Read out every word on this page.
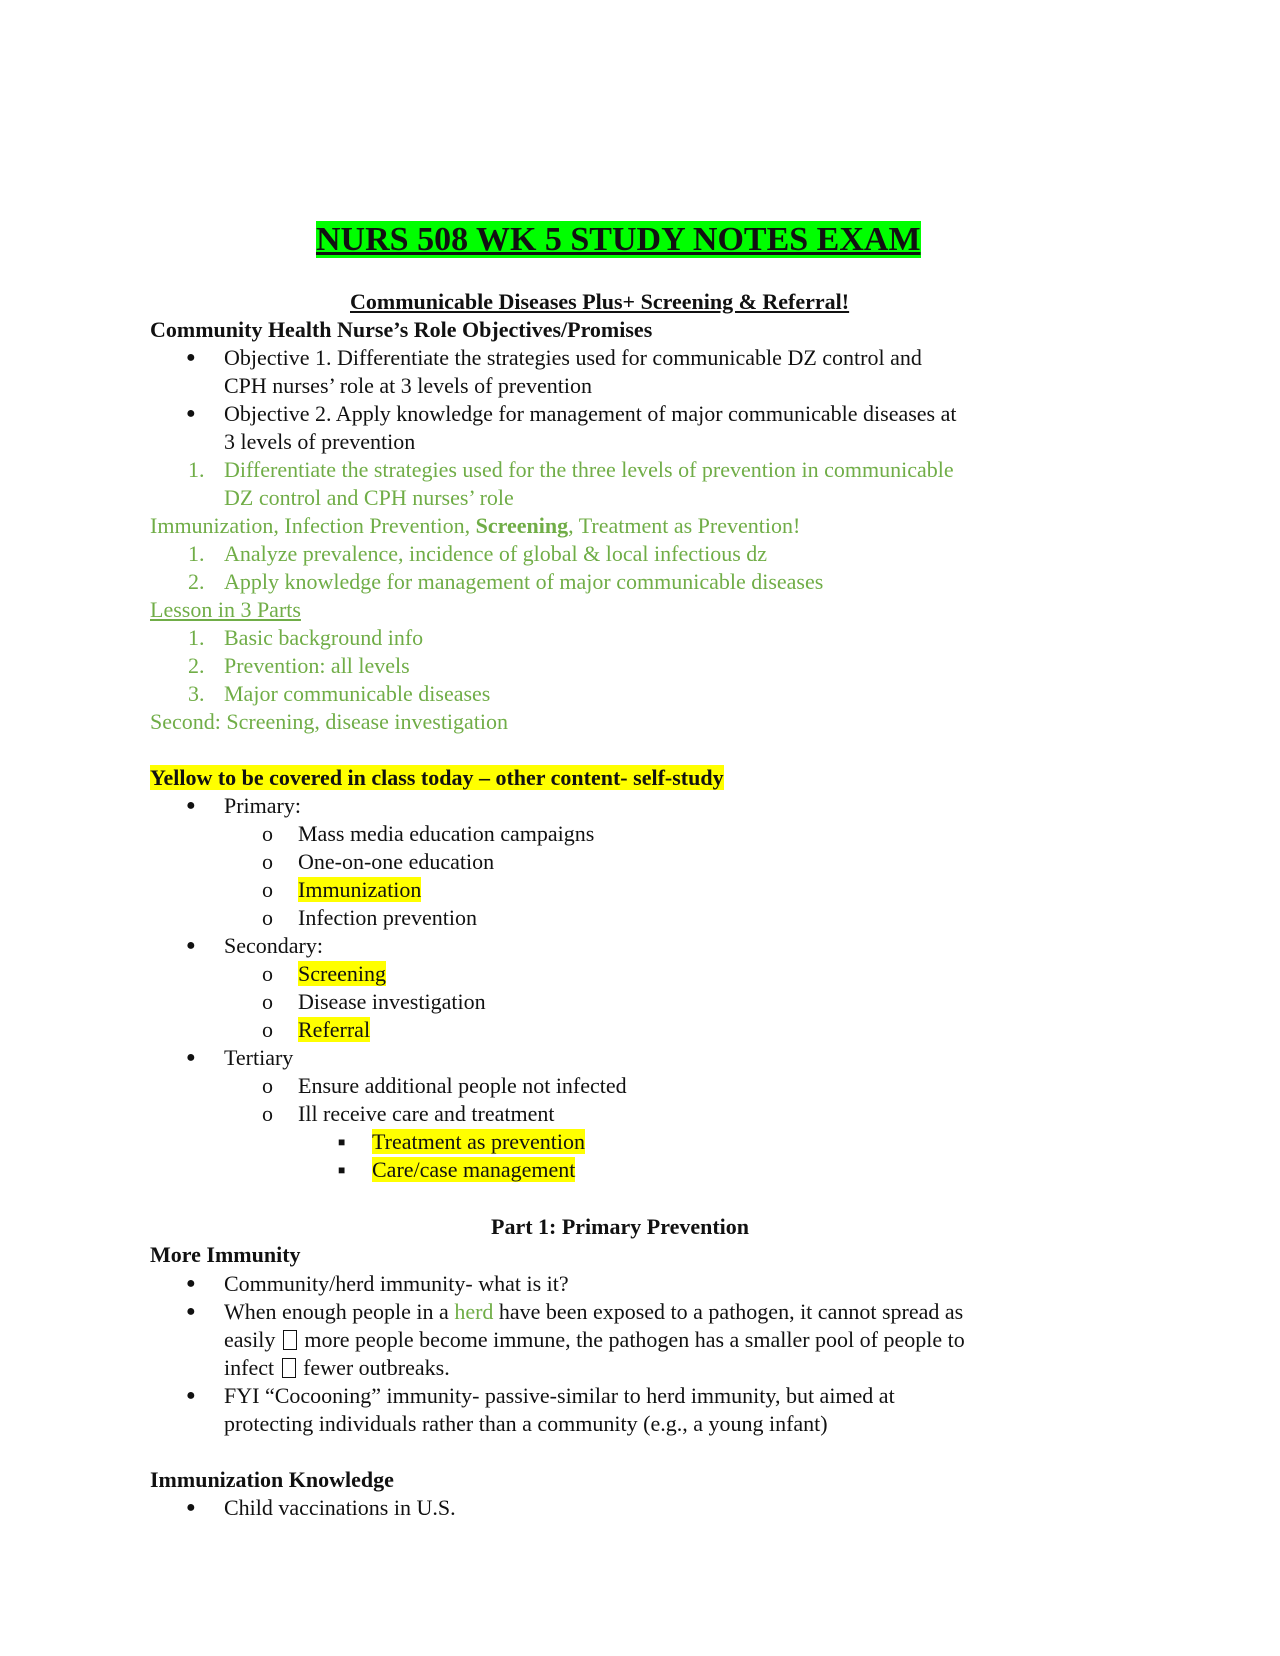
NURS 508 WK 5 STUDY NOTES EXAM
Communicable Diseases Plus+ Screening & Referral!
Community Health Nurse’s Role Objectives/Promises
● Objective 1. Differentiate the strategies used for communicable DZ control and
CPH nurses’ role at 3 levels of prevention
● Objective 2. Apply knowledge for management of major communicable diseases at
3 levels of prevention
1. Differentiate the strategies used for the three levels of prevention in communicable
DZ control and CPH nurses’ role
Immunization, Infection Prevention, Screening, Treatment as Prevention!
1. Analyze prevalence, incidence of global & local infectious dz
2. Apply knowledge for management of major communicable diseases
Lesson in 3 Parts
1. Basic background info
2. Prevention: all levels
3. Major communicable diseases
Second: Screening, disease investigation
Yellow to be covered in class today – other content- self-study
● Primary:
o Mass media education campaigns
o One-on-one education
o Immunization
o Infection prevention
● Secondary:
o Screening
o Disease investigation
o Referral
● Tertiary
o Ensure additional people not infected
o Ill receive care and treatment
■ Treatment as prevention
■ Care/case management
Part 1: Primary Prevention
More Immunity
● Community/herd immunity- what is it?
● When enough people in a herd have been exposed to a pathogen, it cannot spread as
easily  more people become immune, the pathogen has a smaller pool of people to
infect  fewer outbreaks.
● FYI “Cocooning” immunity- passive-similar to herd immunity, but aimed at
protecting individuals rather than a community (e.g., a young infant)
Immunization Knowledge
● Child vaccinations in U.S.
